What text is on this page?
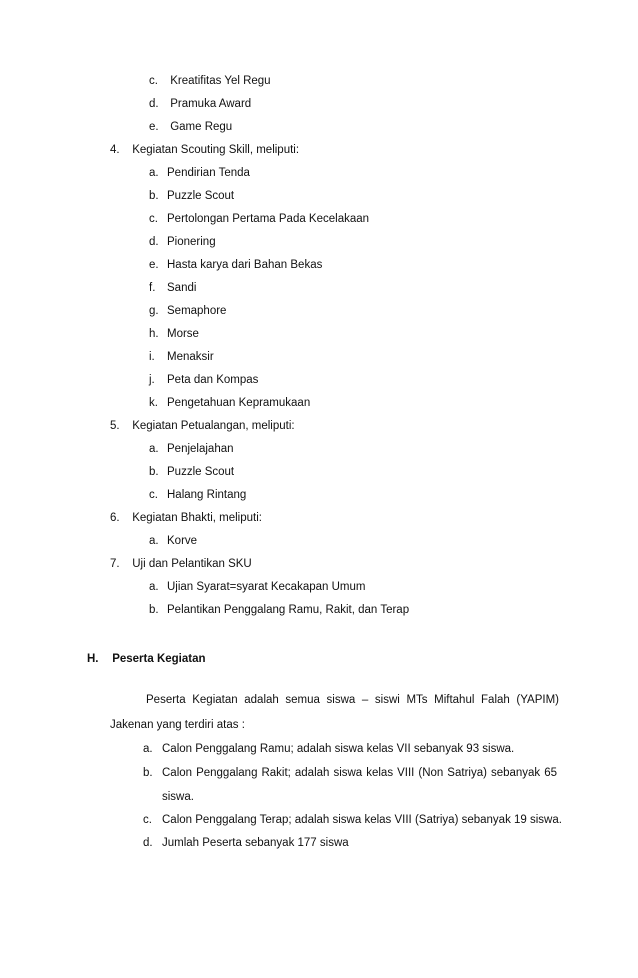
c. Kreatifitas Yel Regu
d. Pramuka Award
e. Game Regu
4. Kegiatan Scouting Skill, meliputi:
a. Pendirian Tenda
b. Puzzle Scout
c. Pertolongan Pertama Pada Kecelakaan
d. Pionering
e. Hasta karya dari Bahan Bekas
f. Sandi
g. Semaphore
h. Morse
i. Menaksir
j. Peta dan Kompas
k. Pengetahuan Kepramukaan
5. Kegiatan Petualangan, meliputi:
a. Penjelajahan
b. Puzzle Scout
c. Halang Rintang
6. Kegiatan Bhakti, meliputi:
a. Korve
7. Uji dan Pelantikan SKU
a. Ujian Syarat=syarat Kecakapan Umum
b. Pelantikan Penggalang Ramu, Rakit, dan Terap
H. Peserta Kegiatan
Peserta Kegiatan adalah semua siswa – siswi MTs Miftahul Falah (YAPIM)
Jakenan yang terdiri atas :
a. Calon Penggalang Ramu; adalah siswa kelas VII sebanyak 93 siswa.
b. Calon Penggalang Rakit; adalah siswa kelas VIII (Non Satriya) sebanyak 65
siswa.
c. Calon Penggalang Terap; adalah siswa kelas VIII (Satriya) sebanyak 19 siswa.
d. Jumlah Peserta sebanyak 177 siswa
